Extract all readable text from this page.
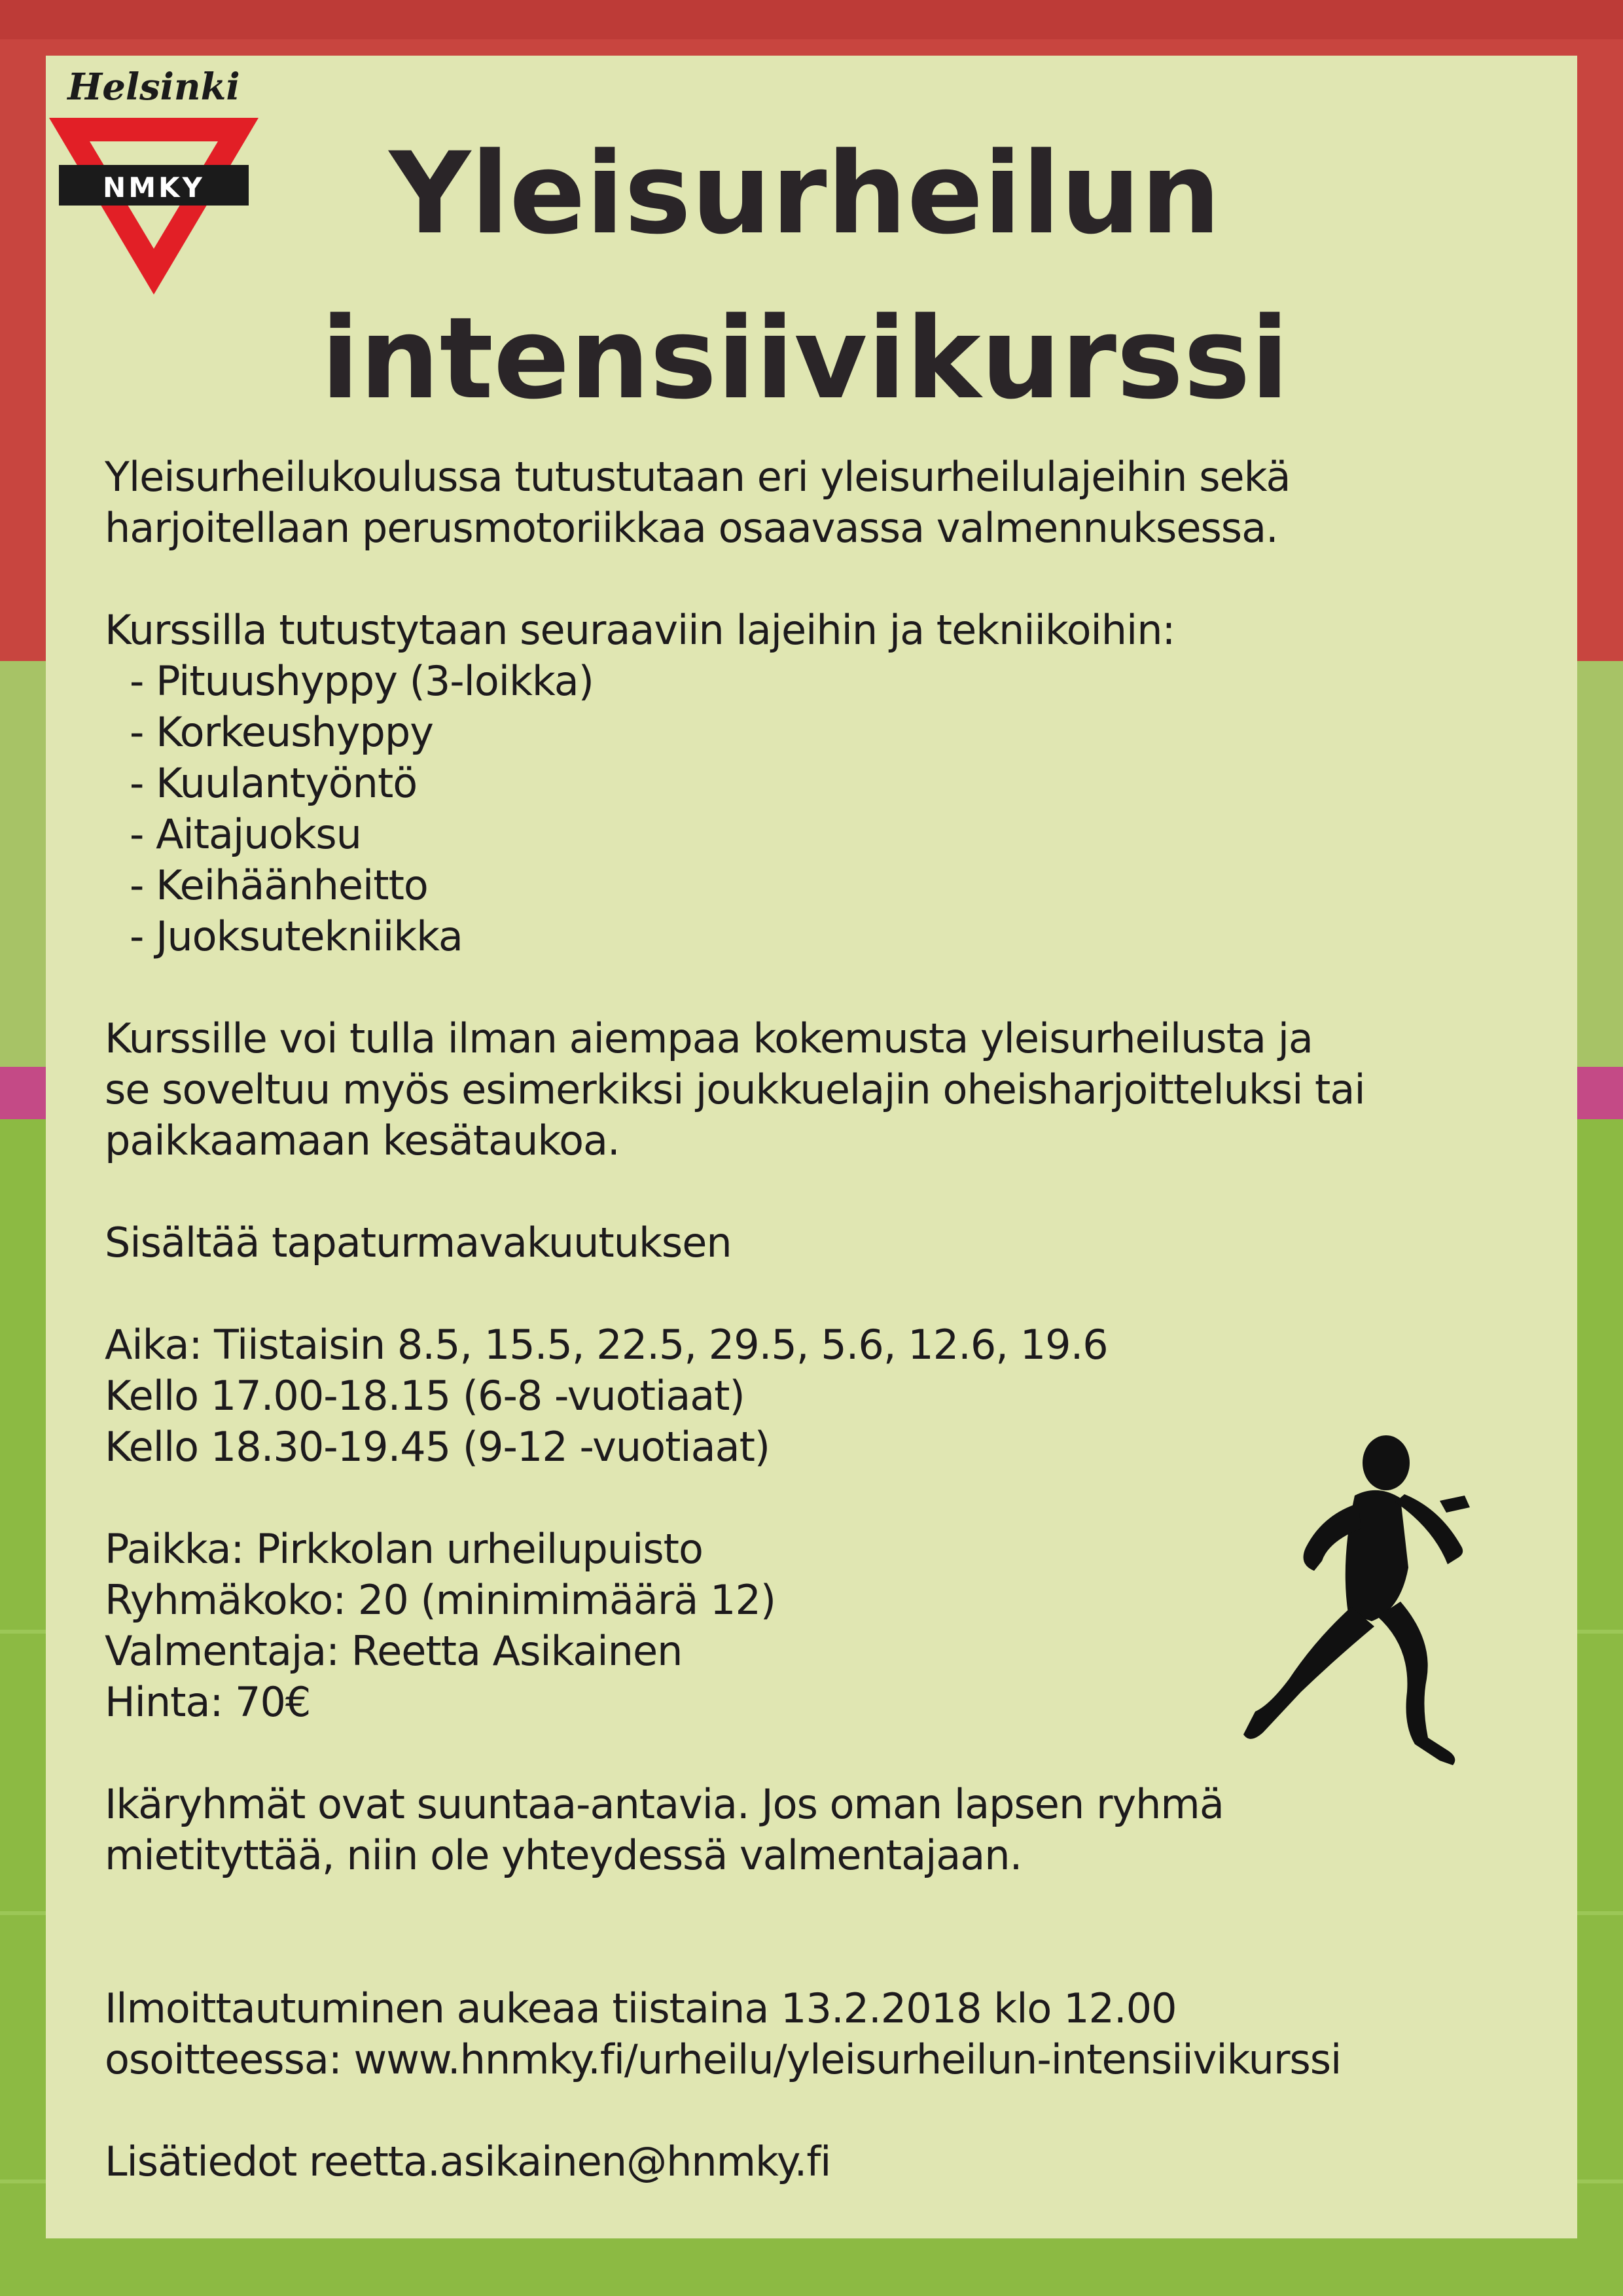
Helsinki
NMKY	Yleisurheilun
intensiivikurssi

Yleisurheilukoulussa tutustutaan eri yleisurheilulajeihin sekä

harjoitellaan perusmotoriikkaa osaavassa valmennuksessa.

Kurssilla tutustytaan seuraaviin lajeihin ja tekniikoihin:

- Pituushyppy (3-loikka)
- Korkeushyppy
- Kuulantyöntö
- Aitajuoksu
- Keihäänheitto
- Juoksutekniikka

Kurssille voi tulla ilman aiempaa kokemusta yleisurheilusta ja

se soveltuu myös esimerkiksi joukkuelajin oheisharjoitteluksi tai

paikkaamaan kesätaukoa.

Sisältää tapaturmavakuutuksen

Aika: Tiistaisin 8.5, 15.5, 22.5, 29.5, 5.6, 12.6, 19.6

Kello 17.00-18.15 (6-8 -vuotiaat)

Kello 18.30-19.45 (9-12 -vuotiaat)

Paikka: Pirkkolan urheilupuisto

Ryhmäkoko: 20 (minimimäärä 12)

Valmentaja: Reetta Asikainen

Hinta: 70€

Ikäryhmät ovat suuntaa-antavia. Jos oman lapsen ryhmä

mietityttää, niin ole yhteydessä valmentajaan.

Ilmoittautuminen aukeaa tiistaina 13.2.2018 klo 12.00

osoitteessa: www.hnmky.fi/urheilu/yleisurheilun-intensiivikurssi

Lisätiedot reetta.asikainen@hnmky.fi
